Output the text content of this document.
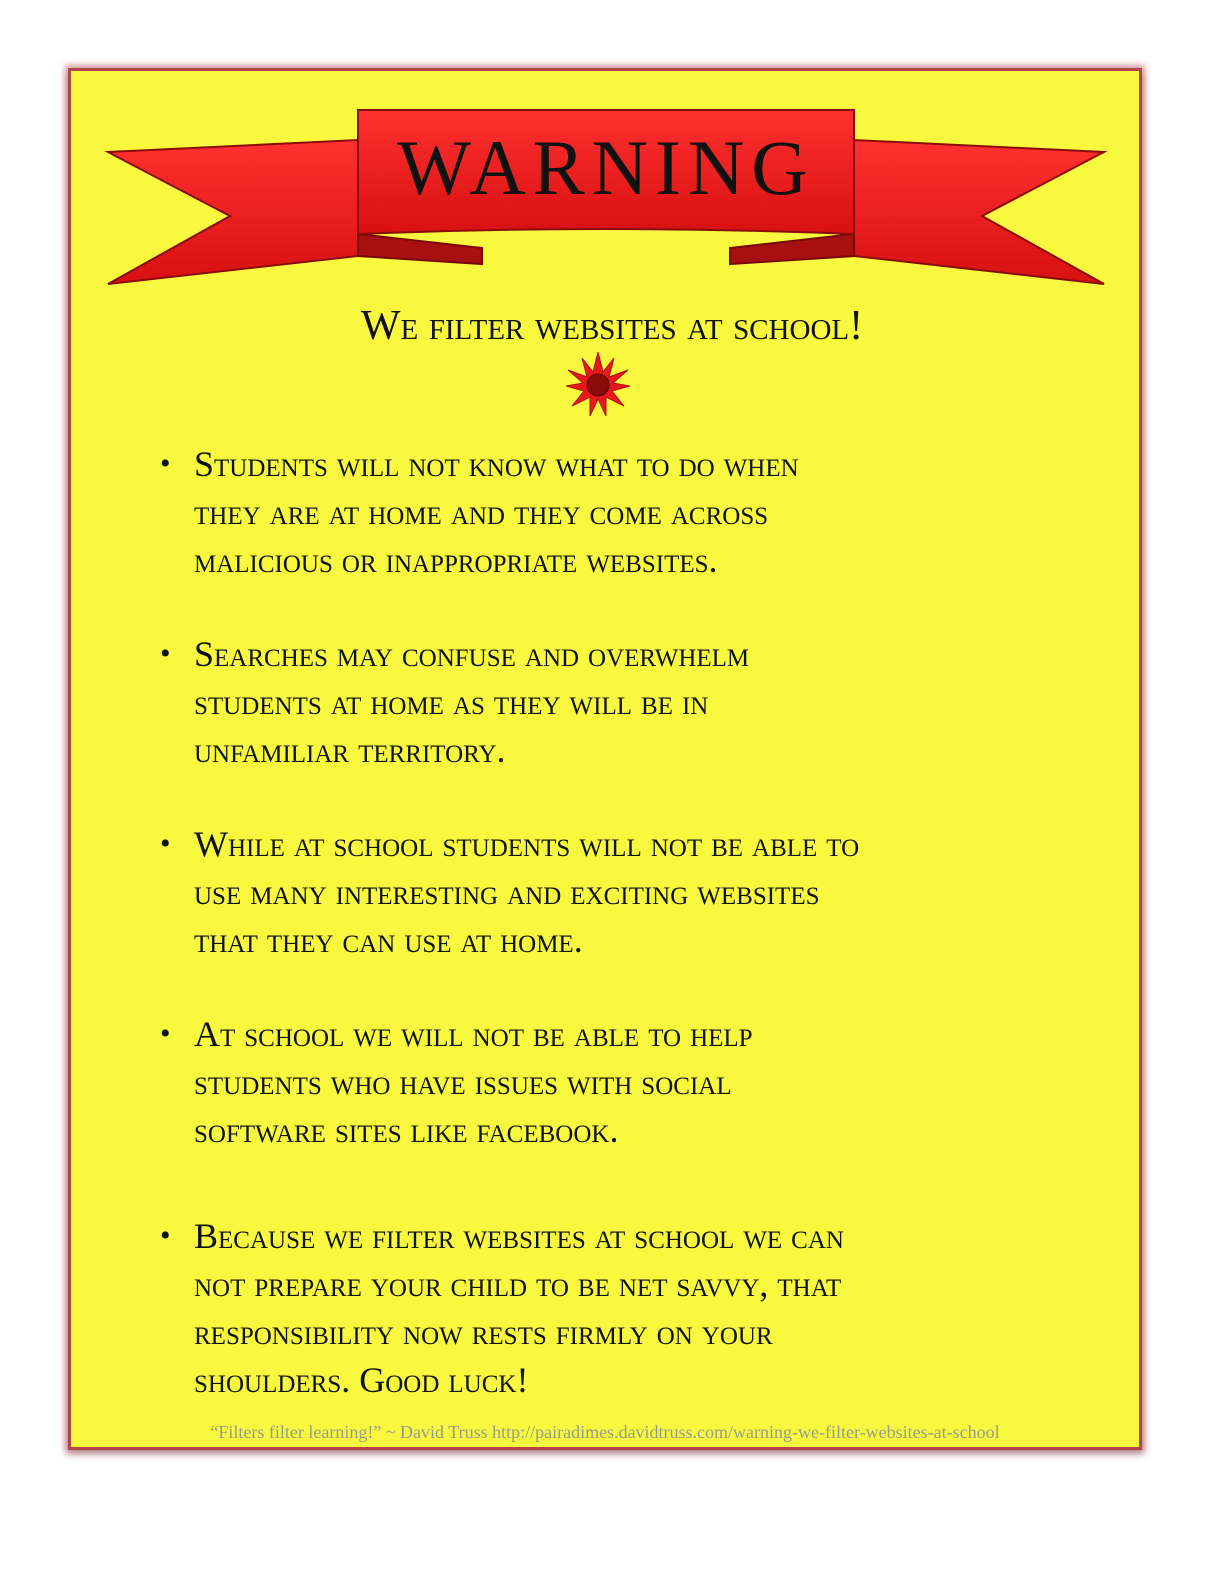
WARNING
We filter websites at school!
• Students will not know what to do when
they are at home and they come across
malicious or inappropriate websites.
• Searches may confuse and overwhelm
students at home as they will be in
unfamiliar territory.
• While at school students will not be able to
use many interesting and exciting websites
that they can use at home.
• At school we will not be able to help
students who have issues with social
software sites like facebook.
• Because we filter websites at school we can
not prepare your child to be net savvy, that
responsibility now rests firmly on your
shoulders. Good luck!
“Filters filter learning!” ~ David Truss http://pairadimes.davidtruss.com/warning-we-filter-websites-at-school
